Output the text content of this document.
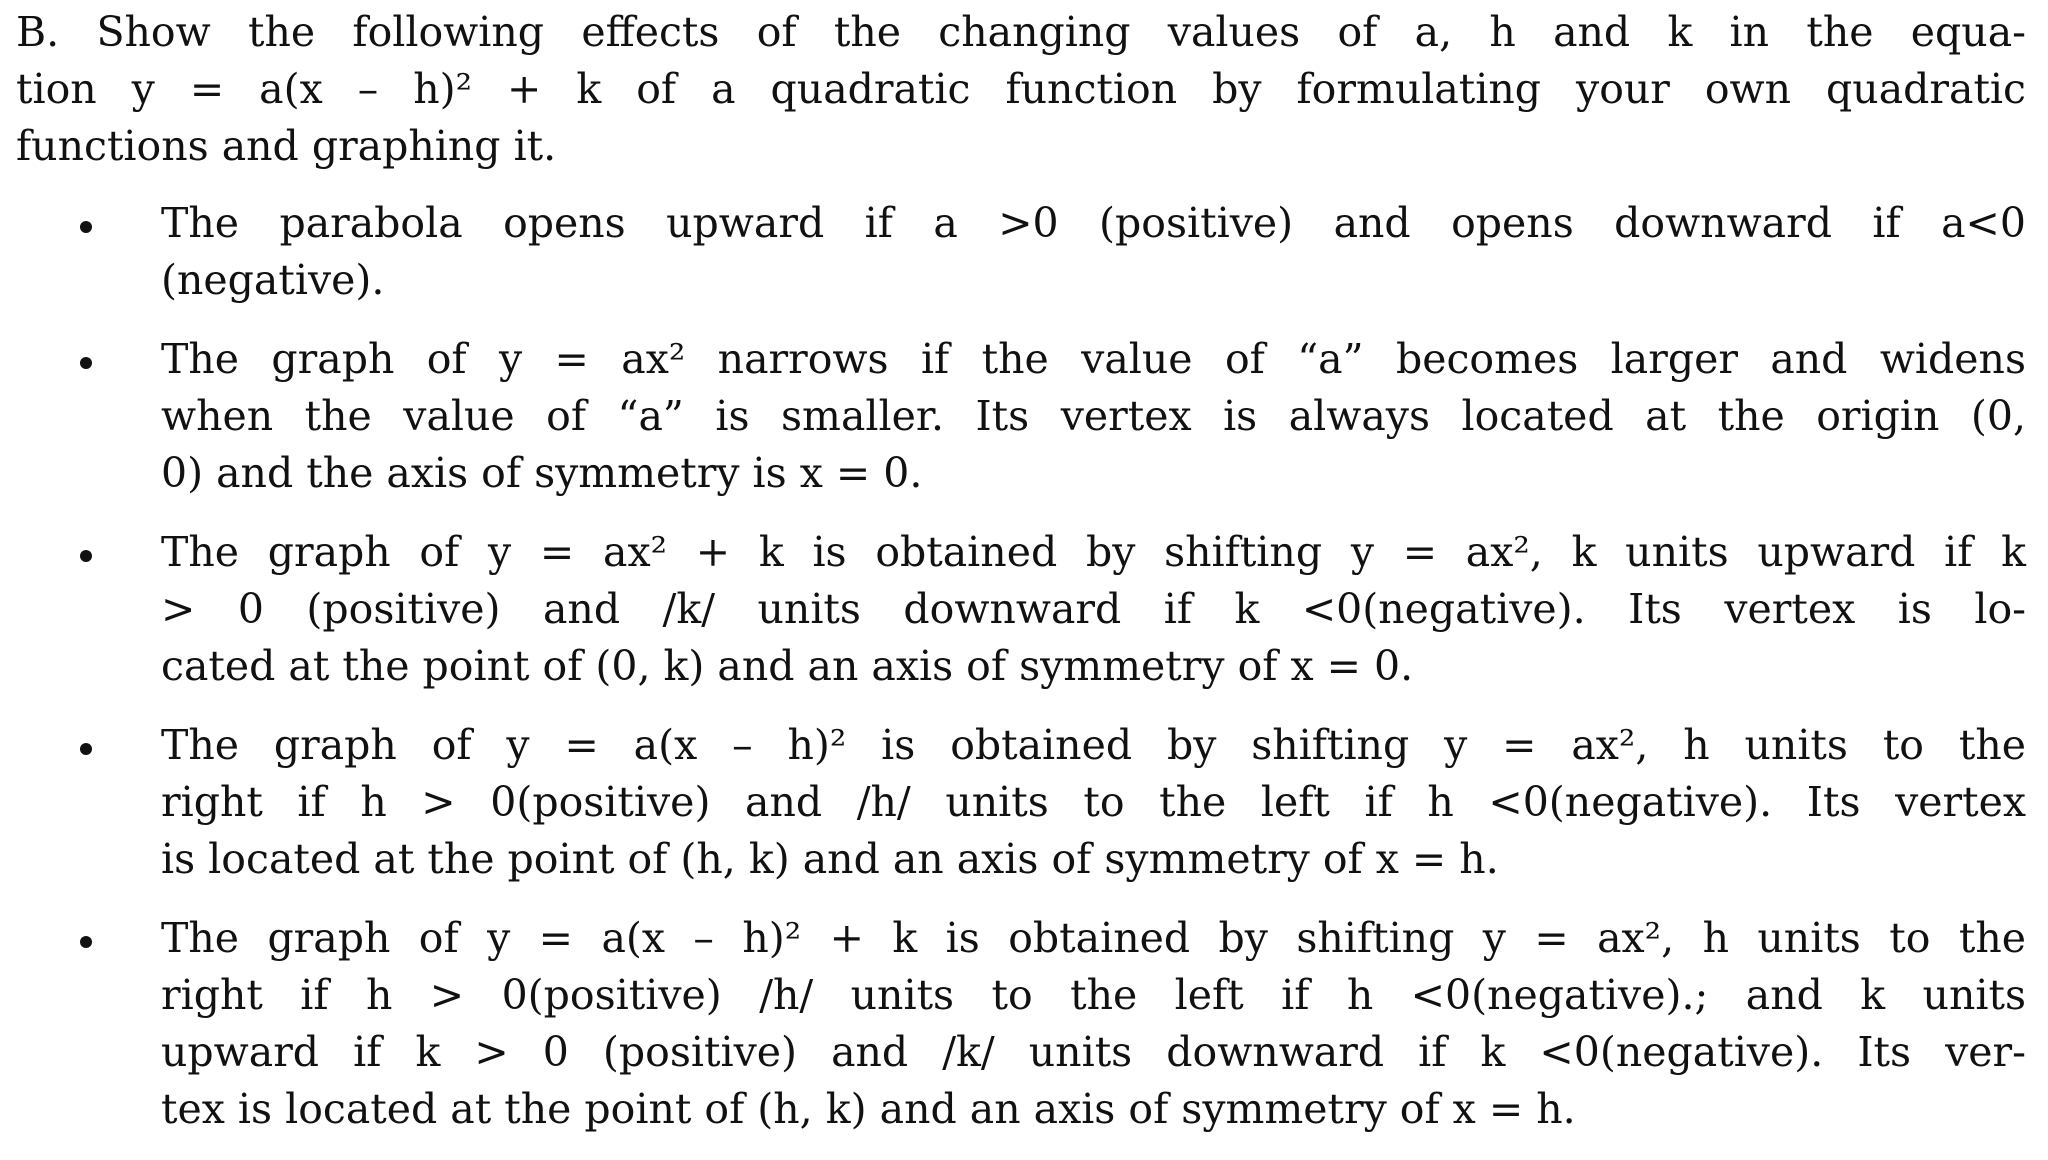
B. Show the following effects of the changing values of a, h and k in the equa-
tion y = a(x – h)² + k of a quadratic function by formulating your own quadratic
functions and graphing it.

The parabola opens upward if a >0 (positive) and opens downward if a<0
(negative).
The graph of y = ax² narrows if the value of “a” becomes larger and widens
when the value of “a” is smaller. Its vertex is always located at the origin (0,
0) and the axis of symmetry is x = 0.
The graph of y = ax² + k is obtained by shifting y = ax², k units upward if k
> 0 (positive) and /k/ units downward if k <0(negative). Its vertex is lo-
cated at the point of (0, k) and an axis of symmetry of x = 0.
The graph of y = a(x – h)² is obtained by shifting y = ax², h units to the
right if h > 0(positive) and /h/ units to the left if h <0(negative). Its vertex
is located at the point of (h, k) and an axis of symmetry of x = h.
The graph of y = a(x – h)² + k is obtained by shifting y = ax², h units to the
right if h > 0(positive) /h/ units to the left if h <0(negative).; and k units
upward if k > 0 (positive) and /k/ units downward if k <0(negative). Its ver-
tex is located at the point of (h, k) and an axis of symmetry of x = h.
